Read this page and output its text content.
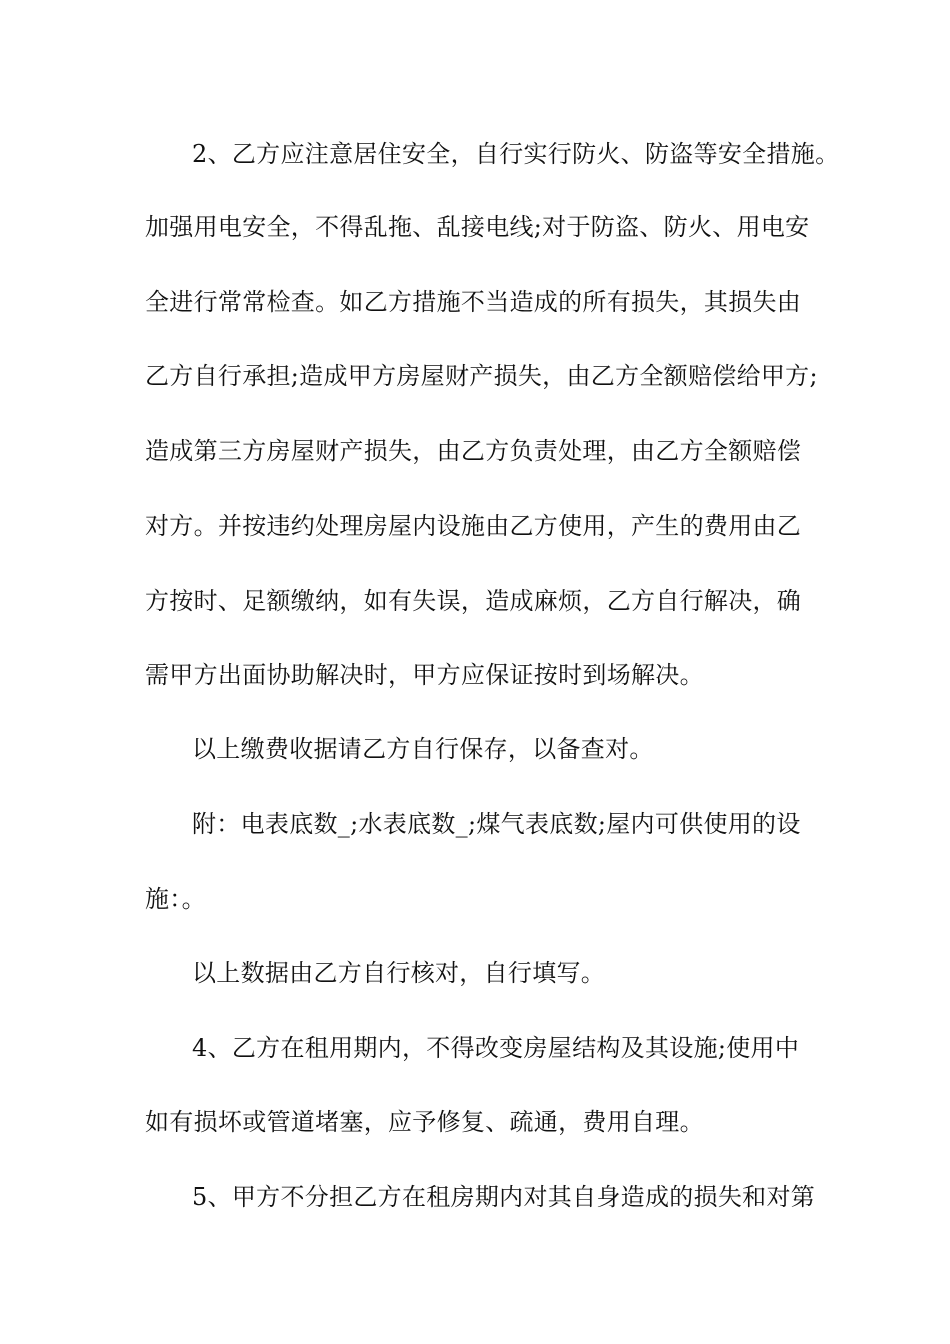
2、乙方应注意居住安全，自行实行防火、防盗等安全措施。
加强用电安全，不得乱拖、乱接电线;对于防盗、防火、用电安
全进行常常检查。如乙方措施不当造成的所有损失，其损失由
乙方自行承担;造成甲方房屋财产损失，由乙方全额赔偿给甲方;
造成第三方房屋财产损失，由乙方负责处理，由乙方全额赔偿
对方。并按违约处理房屋内设施由乙方使用，产生的费用由乙
方按时、足额缴纳，如有失误，造成麻烦，乙方自行解决，确
需甲方出面协助解决时，甲方应保证按时到场解决。
以上缴费收据请乙方自行保存，以备查对。
附：电表底数_;水表底数_;煤气表底数;屋内可供使用的设
施：。
以上数据由乙方自行核对，自行填写。
4、乙方在租用期内，不得改变房屋结构及其设施;使用中
如有损坏或管道堵塞，应予修复、疏通，费用自理。
5、甲方不分担乙方在租房期内对其自身造成的损失和对第
